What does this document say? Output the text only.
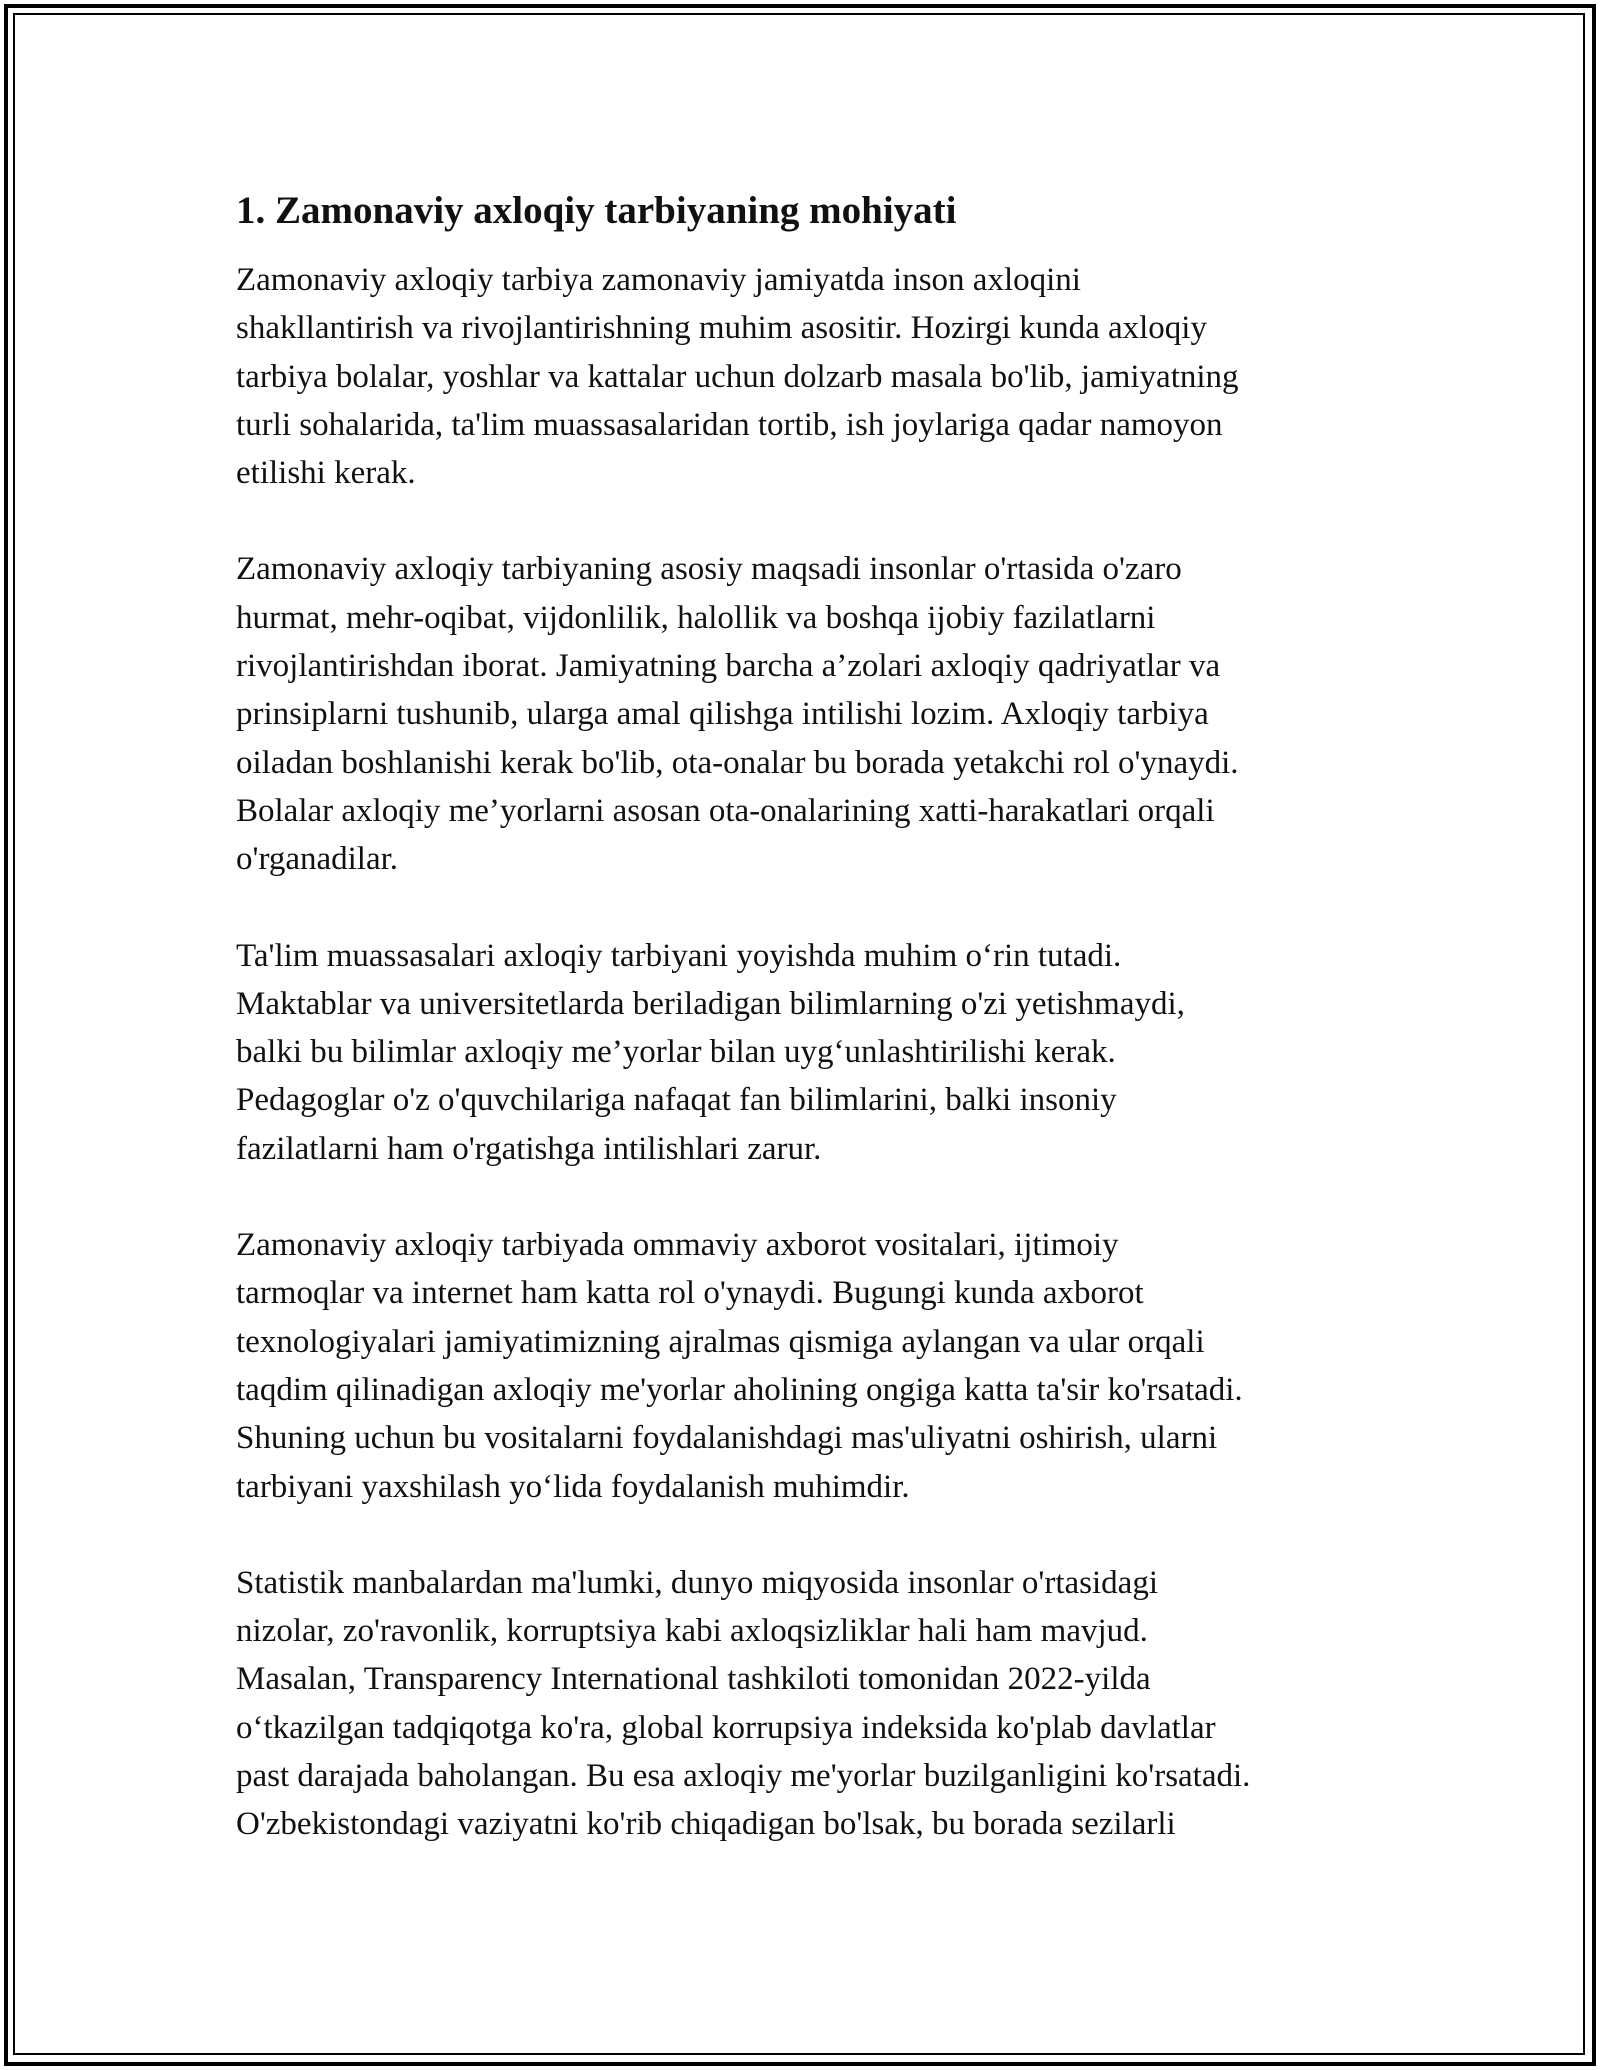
1. Zamonaviy axloqiy tarbiyaning mohiyati
Zamonaviy axloqiy tarbiya zamonaviy jamiyatda inson axloqini
shakllantirish va rivojlantirishning muhim asositir. Hozirgi kunda axloqiy
tarbiya bolalar, yoshlar va kattalar uchun dolzarb masala bo'lib, jamiyatning
turli sohalarida, ta'lim muassasalaridan tortib, ish joylariga qadar namoyon
etilishi kerak.
Zamonaviy axloqiy tarbiyaning asosiy maqsadi insonlar o'rtasida o'zaro
hurmat, mehr-oqibat, vijdonlilik, halollik va boshqa ijobiy fazilatlarni
rivojlantirishdan iborat. Jamiyatning barcha a’zolari axloqiy qadriyatlar va
prinsiplarni tushunib, ularga amal qilishga intilishi lozim. Axloqiy tarbiya
oiladan boshlanishi kerak bo'lib, ota-onalar bu borada yetakchi rol o'ynaydi.
Bolalar axloqiy me’yorlarni asosan ota-onalarining xatti-harakatlari orqali
o'rganadilar.
Ta'lim muassasalari axloqiy tarbiyani yoyishda muhim o‘rin tutadi.
Maktablar va universitetlarda beriladigan bilimlarning o'zi yetishmaydi,
balki bu bilimlar axloqiy me’yorlar bilan uyg‘unlashtirilishi kerak.
Pedagoglar o'z o'quvchilariga nafaqat fan bilimlarini, balki insoniy
fazilatlarni ham o'rgatishga intilishlari zarur.
Zamonaviy axloqiy tarbiyada ommaviy axborot vositalari, ijtimoiy
tarmoqlar va internet ham katta rol o'ynaydi. Bugungi kunda axborot
texnologiyalari jamiyatimizning ajralmas qismiga aylangan va ular orqali
taqdim qilinadigan axloqiy me'yorlar aholining ongiga katta ta'sir ko'rsatadi.
Shuning uchun bu vositalarni foydalanishdagi mas'uliyatni oshirish, ularni
tarbiyani yaxshilash yo‘lida foydalanish muhimdir.
Statistik manbalardan ma'lumki, dunyo miqyosida insonlar o'rtasidagi
nizolar, zo'ravonlik, korruptsiya kabi axloqsizliklar hali ham mavjud.
Masalan, Transparency International tashkiloti tomonidan 2022-yilda
o‘tkazilgan tadqiqotga ko'ra, global korrupsiya indeksida ko'plab davlatlar
past darajada baholangan. Bu esa axloqiy me'yorlar buzilganligini ko'rsatadi.
O'zbekistondagi vaziyatni ko'rib chiqadigan bo'lsak, bu borada sezilarli
